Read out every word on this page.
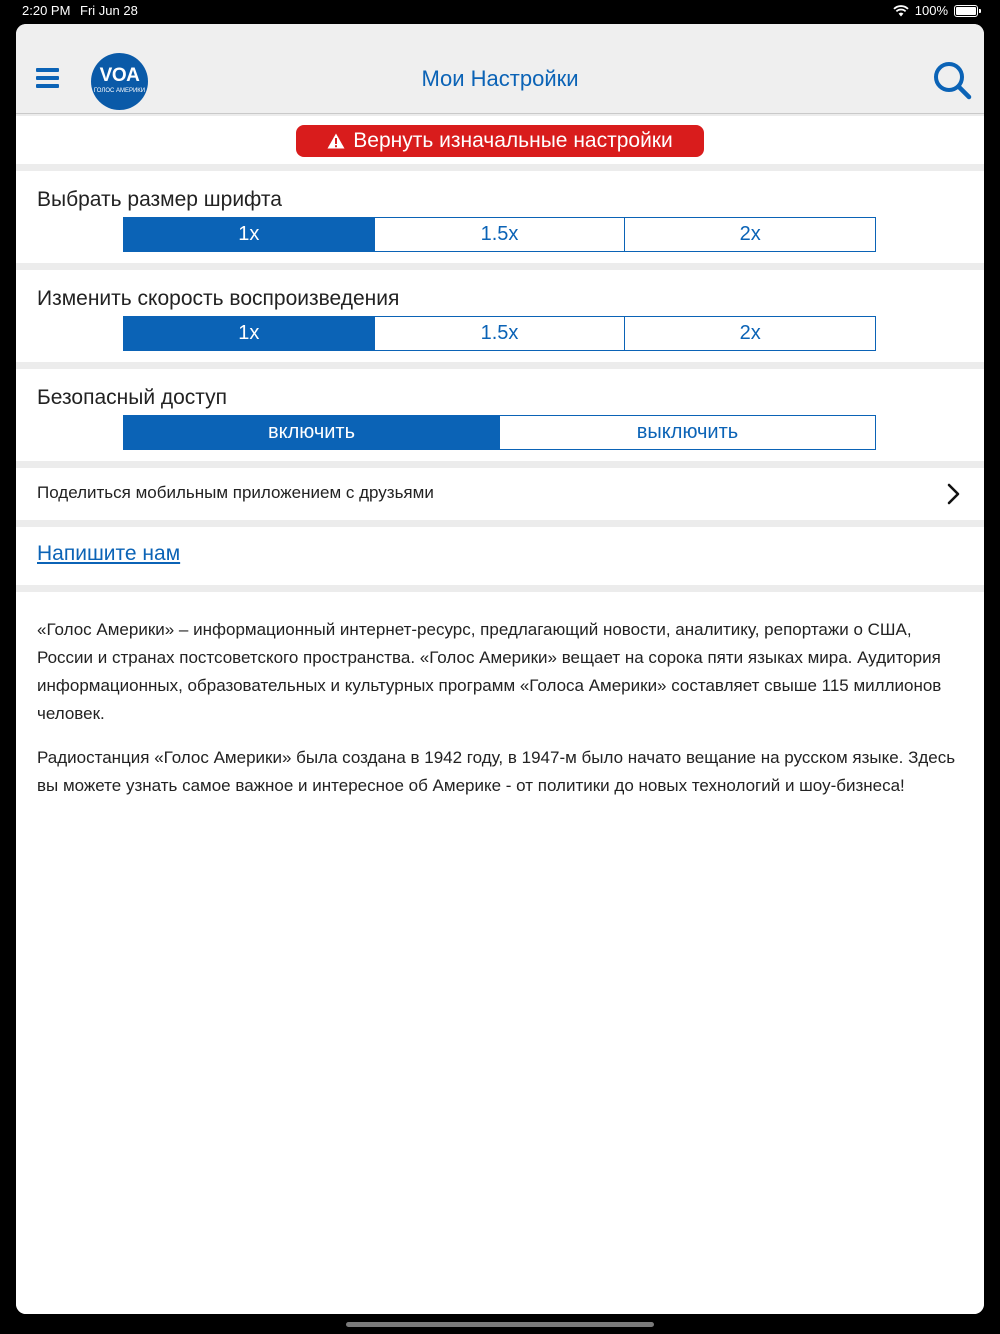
2:20 PM Fri Jun 28	100%
VOA
ГОЛОС АМЕРИКИ	Мои Настройки
Вернуть изначальные настройки
Выбрать размер шрифта
1x	1.5x	2x
Изменить скорость воспроизведения
1x	1.5x	2x
Безопасный доступ
включить	выключить
Поделиться мобильным приложением с друзьями
Напишите нам

«Голос Америки» – информационный интернет-ресурс, предлагающий новости, аналитику, репортажи о США, России и странах постсоветского пространства. «Голос Америки» вещает на сорока пяти языках мира. Аудитория информационных, образовательных и культурных программ «Голоса Америки» составляет свыше 115 миллионов человек.

Радиостанция «Голос Америки» была создана в 1942 году, в 1947-м было начато вещание на русском языке. Здесь вы можете узнать самое важное и интересное об Америке - от политики до новых технологий и шоу-бизнеса!
